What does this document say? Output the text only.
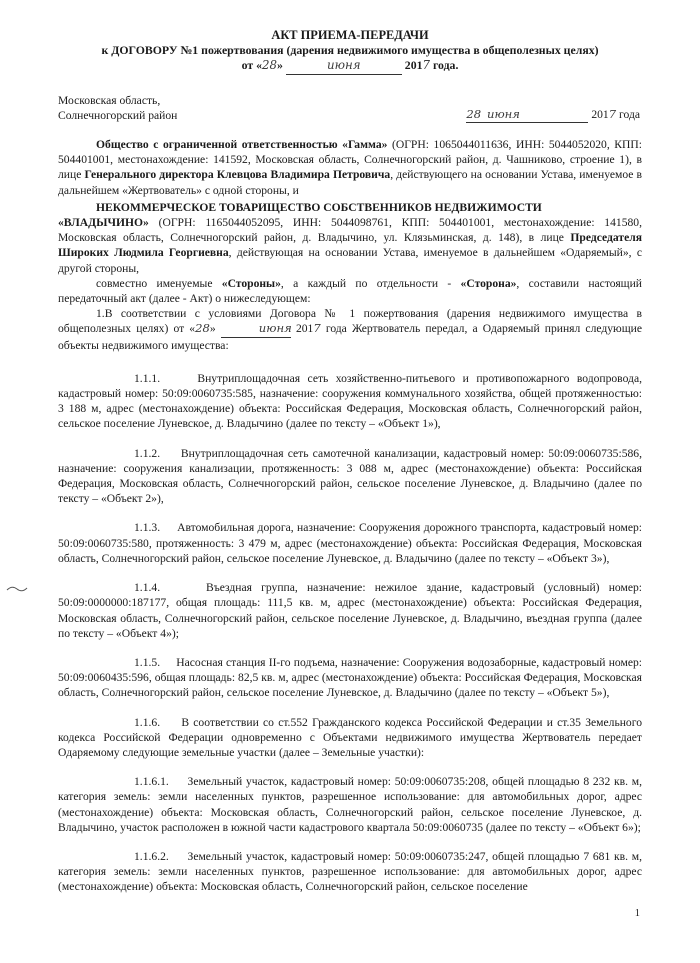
АКТ ПРИЕМА-ПЕРЕДАЧИ
к ДОГОВОРУ №1 пожертвования (дарения недвижимого имущества в общеполезных целях)
от «28»	июня	2017 года.
Московская область,
Солнечногорский район	28 июня	2017 года

Общество с ограниченной ответственностью «Гамма» (ОГРН: 1065044011636, ИНН: 5044052020, КПП: 504401001, местонахождение: 141592, Московская область, Солнечногорский район, д. Чашниково, строение 1), в лице Генерального директора Клевцова Владимира Петровича, действующего на основании Устава, именуемое в дальнейшем «Жертвователь» с одной стороны, и

НЕКОММЕРЧЕСКОЕ ТОВАРИЩЕСТВО СОБСТВЕННИКОВ НЕДВИЖИМОСТИ

«ВЛАДЫЧИНО» (ОГРН: 1165044052095, ИНН: 5044098761, КПП: 504401001, местонахождение: 141580, Московская область, Солнечногорский район, д. Владычино, ул. Клязьминская, д. 148), в лице Председателя Широких Людмила Георгиевна, действующая на основании Устава, именуемое в дальнейшем «Одаряемый», с другой стороны,

совместно именуемые «Стороны», а каждый по отдельности - «Сторона», составили настоящий передаточный акт (далее - Акт) о нижеследующем:

1.В соответствии с условиями Договора № 1 пожертвования (дарения недвижимого имущества в общеполезных целях) от «28»	июня 2017 года Жертвователь передал, а Одаряемый принял следующие объекты недвижимого имущества:

1.1.1.	Внутриплощадочная сеть хозяйственно-питьевого и противопожарного водопровода, кадастровый номер: 50:09:0060735:585, назначение: сооружения коммунального хозяйства, общей протяженностью: 3 188 м, адрес (местонахождение) объекта: Российская Федерация, Московская область, Солнечногорский район, сельское поселение Луневское, д. Владычино (далее по тексту – «Объект 1»),

1.1.2. Внутриплощадочная сеть самотечной канализации, кадастровый номер: 50:09:0060735:586, назначение: сооружения канализации, протяженность: 3 088 м, адрес (местонахождение) объекта: Российская Федерация, Московская область, Солнечногорский район, сельское поселение Луневское, д. Владычино (далее по тексту – «Объект 2»),

1.1.3. Автомобильная дорога, назначение: Сооружения дорожного транспорта, кадастровый номер: 50:09:0060735:580, протяженность: 3 479 м, адрес (местонахождение) объекта: Российская Федерация, Московская область, Солнечногорский район, сельское поселение Луневское, д. Владычино (далее по тексту – «Объект 3»),

1.1.4.	Въездная группа, назначение: нежилое здание, кадастровый (условный) номер: 50:09:0000000:187177, общая площадь: 111,5 кв. м, адрес (местонахождение) объекта: Российская Федерация, Московская область, Солнечногорский район, сельское поселение Луневское, д. Владычино, въездная группа (далее по тексту – «Объект 4»);

1.1.5. Насосная станция II-го подъема, назначение: Сооружения водозаборные, кадастровый номер: 50:09:0060435:596, общая площадь: 82,5 кв. м, адрес (местонахождение) объекта: Российская Федерация, Московская область, Солнечногорский район, сельское поселение Луневское, д. Владычино (далее по тексту – «Объект 5»),

1.1.6. В соответствии со ст.552 Гражданского кодекса Российской Федерации и ст.35 Земельного кодекса Российской Федерации одновременно с Объектами недвижимого имущества Жертвователь передает Одаряемому следующие земельные участки (далее – Земельные участки):

1.1.6.1. Земельный участок, кадастровый номер: 50:09:0060735:208, общей площадью 8 232 кв. м, категория земель: земли населенных пунктов, разрешенное использование: для автомобильных дорог, адрес (местонахождение) объекта: Московская область, Солнечногорский район, сельское поселение Луневское, д. Владычино, участок расположен в южной части кадастрового квартала 50:09:0060735 (далее по тексту – «Объект 6»);

1.1.6.2. Земельный участок, кадастровый номер: 50:09:0060735:247, общей площадью 7 681 кв. м, категория земель: земли населенных пунктов, разрешенное использование: для автомобильных дорог, адрес (местонахождение) объекта: Московская область, Солнечногорский район, сельское поселение

1
